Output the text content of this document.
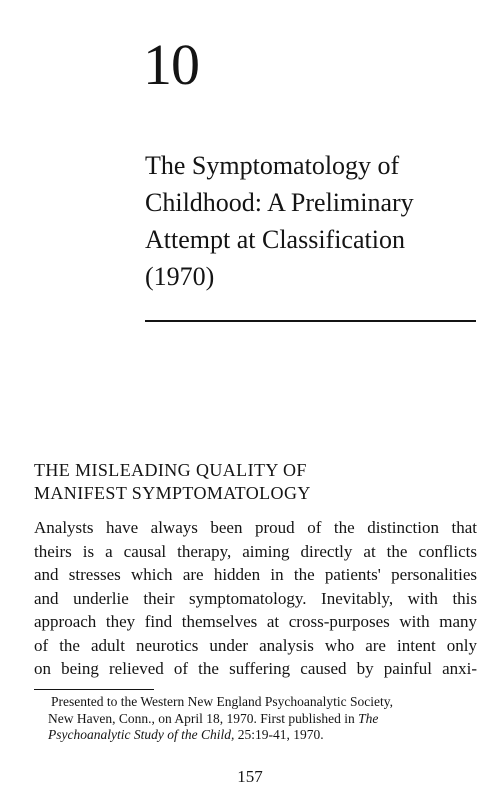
10
The Symptomatology of
Childhood: A Preliminary
Attempt at Classification
(1970)
THE MISLEADING QUALITY OF
MANIFEST SYMPTOMATOLOGY
Analysts have always been proud of the distinction that
theirs is a causal therapy, aiming directly at the conflicts
and stresses which are hidden in the patients' personalities
and underlie their symptomatology. Inevitably, with this
approach they find themselves at cross-purposes with many
of the adult neurotics under analysis who are intent only
on being relieved of the suffering caused by painful anxi-
Presented to the Western New England Psychoanalytic Society,
New Haven, Conn., on April 18, 1970. First published in The
Psychoanalytic Study of the Child, 25:19-41, 1970.
157
